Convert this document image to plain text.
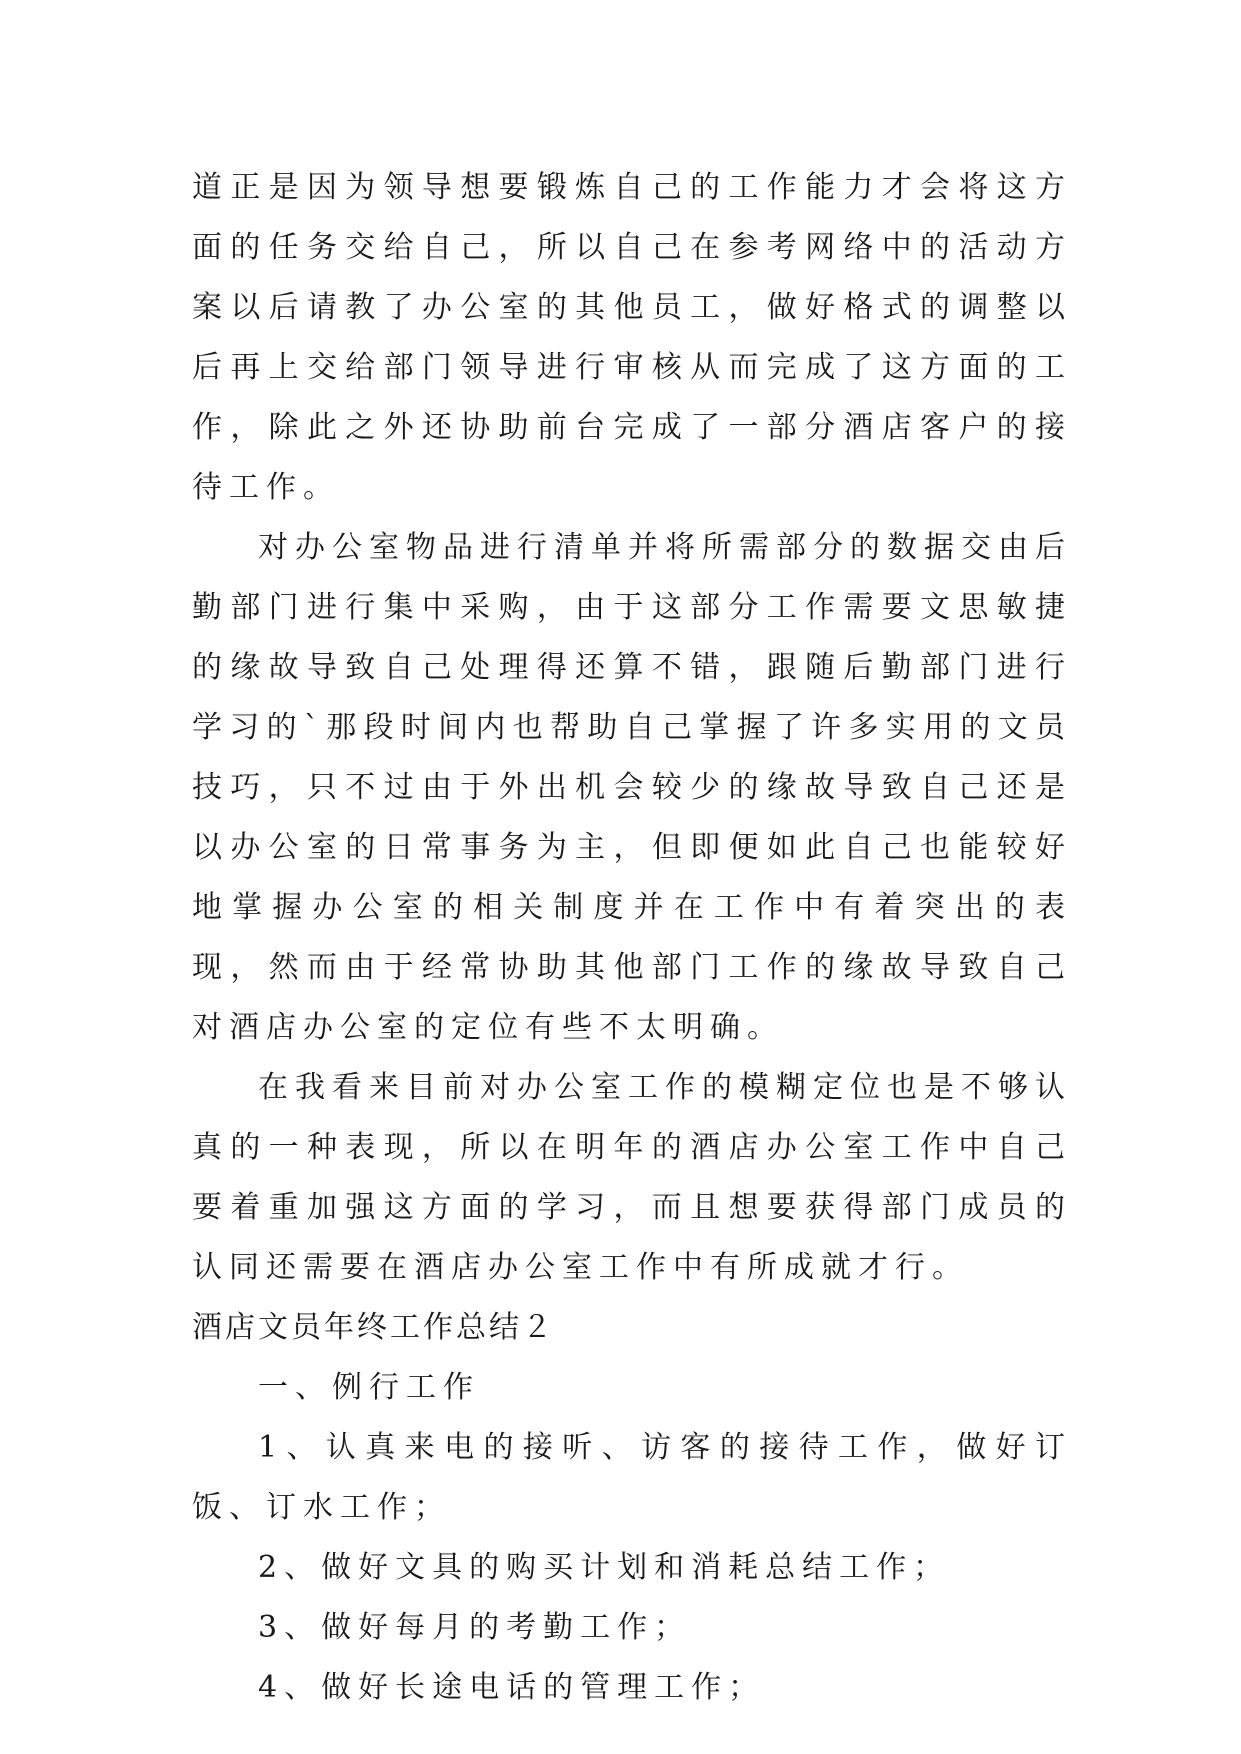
道正是因为领导想要锻炼自己的工作能力才会将这方面的任务交给自己，所以自己在参考网络中的活动方案以后请教了办公室的其他员工，做好格式的调整以后再上交给部门领导进行审核从而完成了这方面的工作，除此之外还协助前台完成了一部分酒店客户的接待工作。

对办公室物品进行清单并将所需部分的数据交由后勤部门进行集中采购，由于这部分工作需要文思敏捷的缘故导致自己处理得还算不错，跟随后勤部门进行学习的`那段时间内也帮助自己掌握了许多实用的文员技巧，只不过由于外出机会较少的缘故导致自己还是以办公室的日常事务为主，但即便如此自己也能较好地掌握办公室的相关制度并在工作中有着突出的表现，然而由于经常协助其他部门工作的缘故导致自己对酒店办公室的定位有些不太明确。

在我看来目前对办公室工作的模糊定位也是不够认真的一种表现，所以在明年的酒店办公室工作中自己要着重加强这方面的学习，而且想要获得部门成员的认同还需要在酒店办公室工作中有所成就才行。

酒店文员年终工作总结２

一、例行工作

1、认真来电的接听、访客的接待工作，做好订饭、订水工作；

2、做好文具的购买计划和消耗总结工作；

3、做好每月的考勤工作；

4、做好长途电话的管理工作；
